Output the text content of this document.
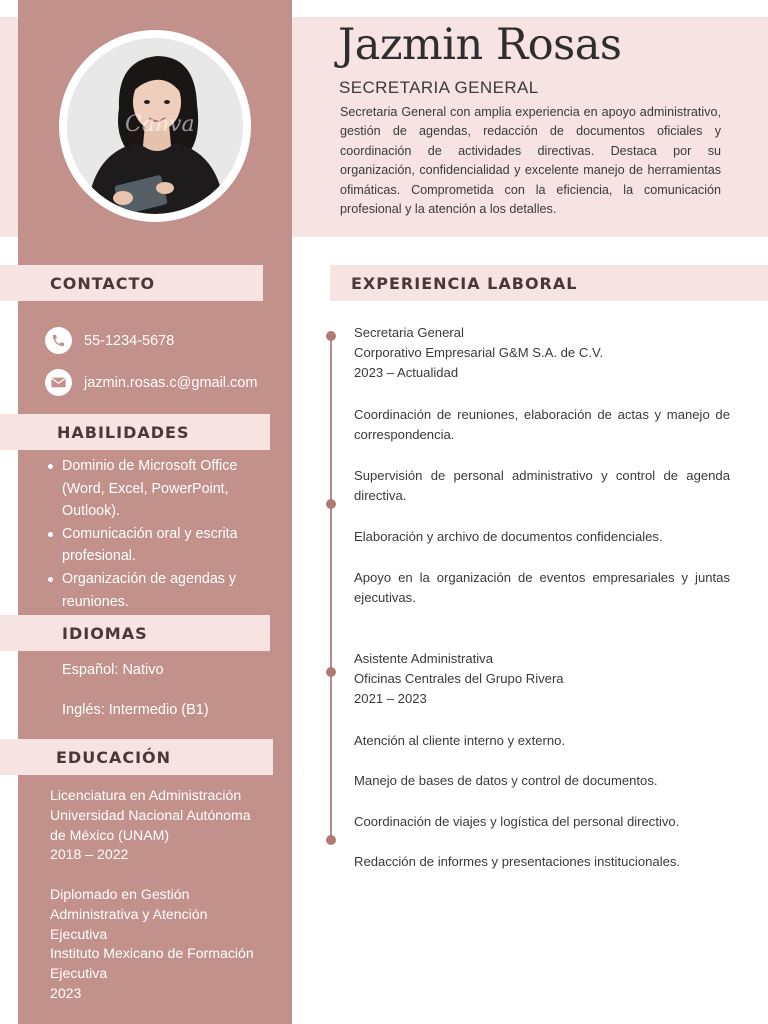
Canva
Jazmin Rosas
SECRETARIA GENERAL

Secretaria General con amplia experiencia en apoyo administrativo, gestión de agendas, redacción de documentos oficiales y coordinación de actividades directivas. Destaca por su organización, confidencialidad y excelente manejo de herramientas ofimáticas. Comprometida con la eficiencia, la comunicación profesional y la atención a los detalles.

CONTACTO
55-1234-5678
jazmin.rosas.c@gmail.com
HABILIDADES
Dominio de Microsoft Office (Word, Excel, PowerPoint, Outlook).
Comunicación oral y escrita profesional.
Organización de agendas y reuniones.
IDIOMAS
Español: Nativo
Inglés: Intermedio (B1)
EDUCACIÓN

Licenciatura en Administración

Universidad Nacional Autónoma de México (UNAM)

2018 – 2022

Diplomado en Gestión Administrativa y Atención Ejecutiva

Instituto Mexicano de Formación Ejecutiva

2023

EXPERIENCIA LABORAL
Secretaria General
Corporativo Empresarial G&M S.A. de C.V.
2023 – Actualidad

Coordinación de reuniones, elaboración de actas y manejo de correspondencia.

Supervisión de personal administrativo y control de agenda directiva.

Elaboración y archivo de documentos confidenciales.

Apoyo en la organización de eventos empresariales y juntas ejecutivas.

Asistente Administrativa
Oficinas Centrales del Grupo Rivera
2021 – 2023

Atención al cliente interno y externo.

Manejo de bases de datos y control de documentos.

Coordinación de viajes y logística del personal directivo.

Redacción de informes y presentaciones institucionales.
